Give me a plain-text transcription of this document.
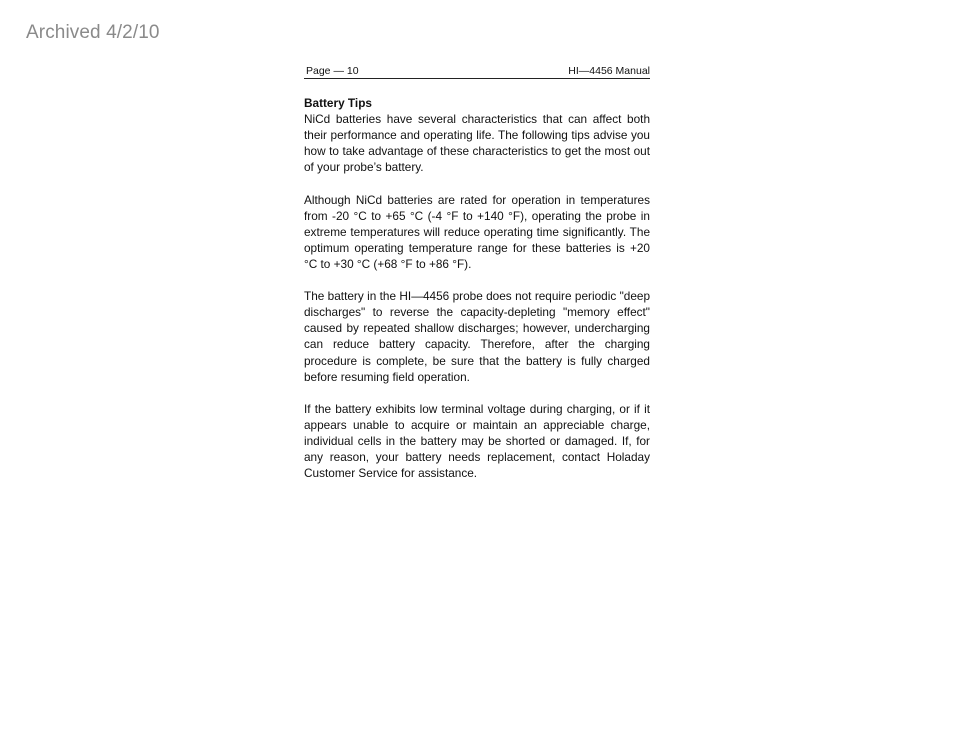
Archived 4/2/10
Page — 10	HI—4456 Manual

Battery Tips

NiCd batteries have several characteristics that can affect both their performance and operating life. The following tips advise you how to take advantage of these characteristics to get the most out of your probe’s battery.

Although NiCd batteries are rated for operation in temperatures from -20 °C to +65 °C (-4 °F to +140 °F), operating the probe in extreme temperatures will reduce operating time significantly. The optimum operating temperature range for these batteries is +20 °C to +30 °C (+68 °F to +86 °F).

The battery in the HI—4456 probe does not require periodic "deep discharges" to reverse the capacity-depleting "memory effect" caused by repeated shallow discharges; however, undercharging can reduce battery capacity. Therefore, after the charging procedure is complete, be sure that the battery is fully charged before resuming field operation.

If the battery exhibits low terminal voltage during charging, or if it appears unable to acquire or maintain an appreciable charge, individual cells in the battery may be shorted or damaged. If, for any reason, your battery needs replacement, contact Holaday Customer Service for assistance.
